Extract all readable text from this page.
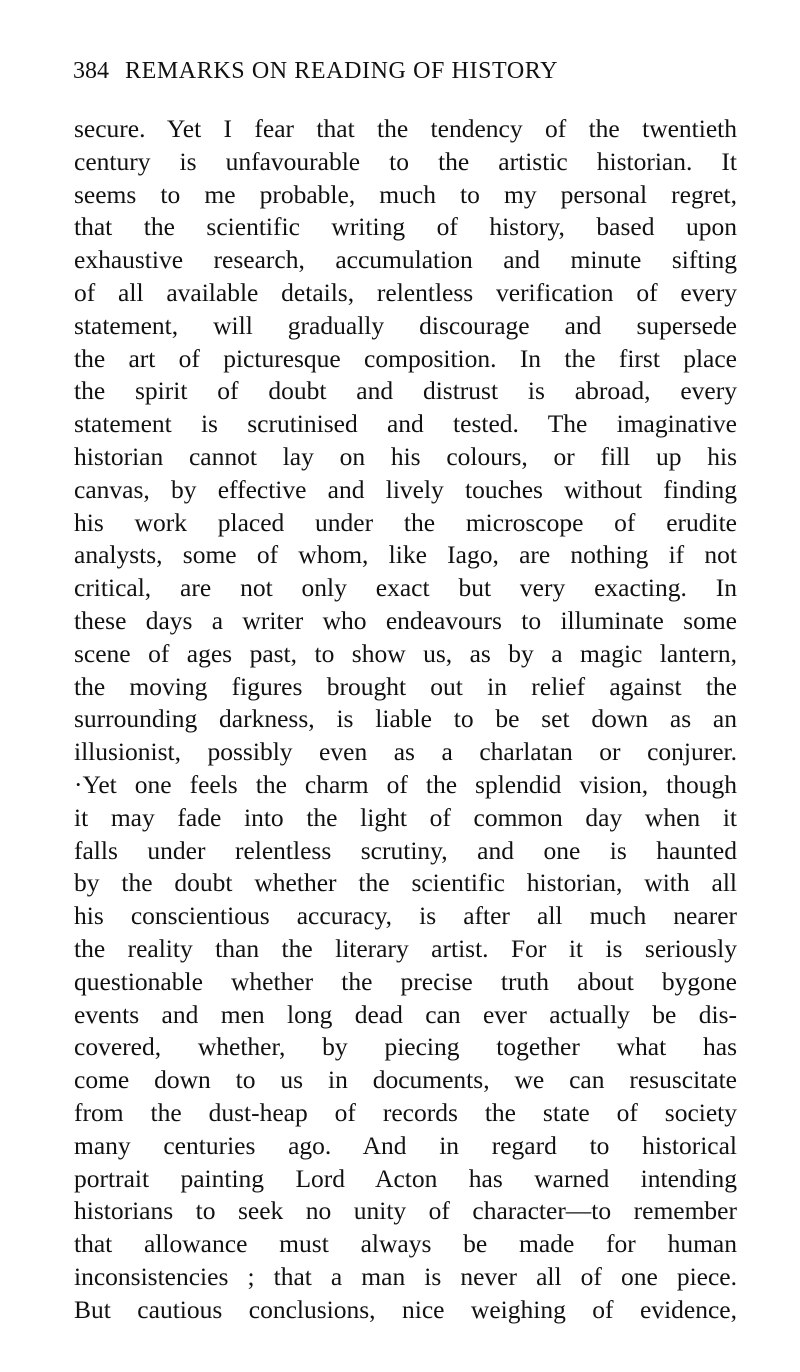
384 REMARKS ON READING OF HISTORY
secure. Yet I fear that the tendency of the twentieth
century is unfavourable to the artistic historian. It
seems to me probable, much to my personal regret,
that the scientific writing of history, based upon
exhaustive research, accumulation and minute sifting
of all available details, relentless verification of every
statement, will gradually discourage and supersede
the art of picturesque composition. In the first place
the spirit of doubt and distrust is abroad, every
statement is scrutinised and tested. The imaginative
historian cannot lay on his colours, or fill up his
canvas, by effective and lively touches without finding
his work placed under the microscope of erudite
analysts, some of whom, like Iago, are nothing if not
critical, are not only exact but very exacting. In
these days a writer who endeavours to illuminate some
scene of ages past, to show us, as by a magic lantern,
the moving figures brought out in relief against the
surrounding darkness, is liable to be set down as an
illusionist, possibly even as a charlatan or conjurer.
·Yet one feels the charm of the splendid vision, though
it may fade into the light of common day when it
falls under relentless scrutiny, and one is haunted
by the doubt whether the scientific historian, with all
his conscientious accuracy, is after all much nearer
the reality than the literary artist. For it is seriously
questionable whether the precise truth about bygone
events and men long dead can ever actually be dis-
covered, whether, by piecing together what has
come down to us in documents, we can resuscitate
from the dust-heap of records the state of society
many centuries ago. And in regard to historical
portrait painting Lord Acton has warned intending
historians to seek no unity of character—to remember
that allowance must always be made for human
inconsistencies ; that a man is never all of one piece.
But cautious conclusions, nice weighing of evidence,
